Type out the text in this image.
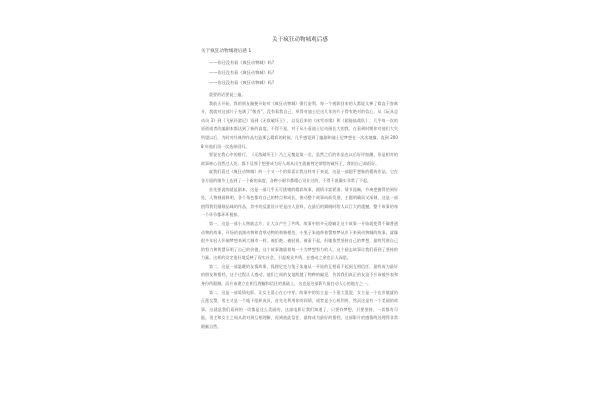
关于疯狂动物城观后感
关于疯狂动物城观后感 1
——你还没有看《疯狂动物城》吗?
——你还没有看《疯狂动物城》吗?
——你还没有看《疯狂动物城》吗?

重要的话要说三遍。

我前天开始，我的朋友圈便开始对《疯狂动物城》强行安利，每一个观影回来的人都说太棒了简直不容离开，我就对这部片子充满了“敬畏”，没有看我自己，举得对迪士尼这几年的片子得有绝对的信心，从《玩具总动员 3》到《飞屋环游记》再到《无敌破坏王》，以及后来的《冰雪奇缘》和《超能陆战队》，几乎每一次的原创或者改编剧本都达到了新的高度。不得不说，对于从小看迪士尼动画长大的我，在看到时期你对他们大失所望以后，为时对经典和作品打造那么精彩的时候，几乎感觉到了编剧和迪士尼梦想在一次次地撞，直到 2008 年他们再一次选择回归。

要说在我心中的排行，《无敌破坏王》乃之无愧是第一名，虽然之后的作品也以后好评如潮，但是相对的故事核心仍然过人处。都不及那个想要成为好人却从出生就被判定带给的破坏王，我的自己却很好。

就我们看过《疯狂动物城》的一个又一个的惊喜让我这样对于来说，这是一部超乎想象的精致作品，它在各方面的细节上达到了一个新的高度，各种小细节都精心设计过的，不得不说确实非常了不起。

首先要说的就是剧本，这是一部几乎无可挑剔的精彩故事，剧情丰富紧凑，情节流畅，节奏把握得恰到好处，人物刻画鲜明，各个角色都有自己的特点和成长，推动整个故事向前发展，主题明确而又深刻，这是一部值得我们细细品味的作品，其中的反派设计更是出人意料，在最后的揭晓时给人以巨大的震撼，整个故事的每一个环节都环环相扣。

第一，这是一部小人物励志片，让大众产生了共鸣。故事中的多元隐喻让这个故事一开始就变得不像普通动物的故事，开场的表演动物和食草动物的和谐相处，小兔子朱迪带着警察梦从乡下来到动物城的故事。就像很多年轻人怀揣梦想来到大城市一样，被拒绝、被轻视、被看不起，但她依然坚持自己的梦想，最终凭借自己的努力和智慧证明了自己的价值，这个故事激励着每一个为梦想努力的人，这个励志故事让我们看到了坚持的力量。这样的设定很好地反映了现实社会，引起观众共鸣，在感动之余也让人深思。

第二，这是一部温暖的友情故事，狐狸尼克与兔子朱迪从一开始的互相看不起到互相信任，最终成为最好的朋友和搭档，这个过程让人感动，他们之间的友谊跨越了物种的偏见，告诉我们真正的友谊不应该被外表和身份所限制，而应该建立在相互理解和信任的基础上，这也是这部影片最打动人心的地方之一。

第二，这是一部爱情电影，让女主爱心在心中芽。故事中的男主是一个很大混混，女主是一个在乡镇就的正派女警，男主又是一个地下组织成员，首先先利用你的同情，或者是小心机利用，然而这是有一个美丽的故事，这就是我们看到的一切都是这么美丽的，这部电影让我们知道了，只要有梦想，只要坚持，一切都有可能。男主和女主之间从敌对到互相理解，再到彼此信任，最终成为最好的搭档，这部影片的感情线处理得非常细腻自然。
